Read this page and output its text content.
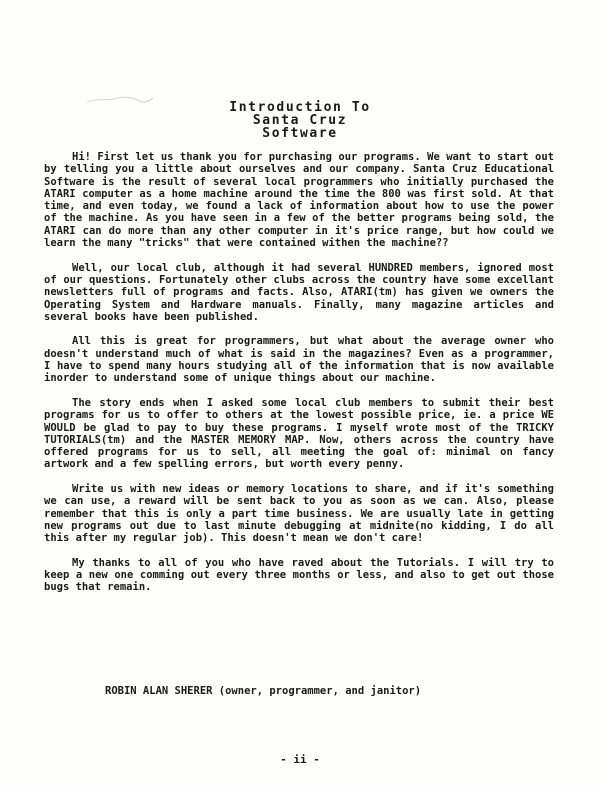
Introduction To
Santa Cruz
Software

Hi! First let us thank you for purchasing our programs. We want to start out by telling you a little about ourselves and our company. Santa Cruz Educational Software is the result of several local programmers who initially purchased the ATARI computer as a home machine around the time the 800 was first sold. At that time, and even today, we found a lack of information about how to use the power of the machine. As you have seen in a few of the better programs being sold, the ATARI can do more than any other computer in it's price range, but how could we learn the many "tricks" that were contained withen the machine??

Well, our local club, although it had several HUNDRED members, ignored most of our questions. Fortunately other clubs across the country have some excellant newsletters full of programs and facts. Also, ATARI(tm) has given we owners the Operating System and Hardware manuals. Finally, many magazine articles and several books have been published.

All this is great for programmers, but what about the average owner who doesn't understand much of what is said in the magazines? Even as a programmer, I have to spend many hours studying all of the information that is now available inorder to understand some of unique things about our machine.

The story ends when I asked some local club members to submit their best programs for us to offer to others at the lowest possible price, ie. a price WE WOULD be glad to pay to buy these programs. I myself wrote most of the TRICKY TUTORIALS(tm) and the MASTER MEMORY MAP. Now, others across the country have offered programs for us to sell, all meeting the goal of: minimal on fancy artwork and a few spelling errors, but worth every penny.

Write us with new ideas or memory locations to share, and if it's something we can use, a reward will be sent back to you as soon as we can. Also, please remember that this is only a part time business. We are usually late in getting new programs out due to last minute debugging at midnite(no kidding, I do all this after my regular job). This doesn't mean we don't care!

My thanks to all of you who have raved about the Tutorials. I will try to keep a new one comming out every three months or less, and also to get out those bugs that remain.

ROBIN ALAN SHERER (owner, programmer, and janitor)
- ii -
